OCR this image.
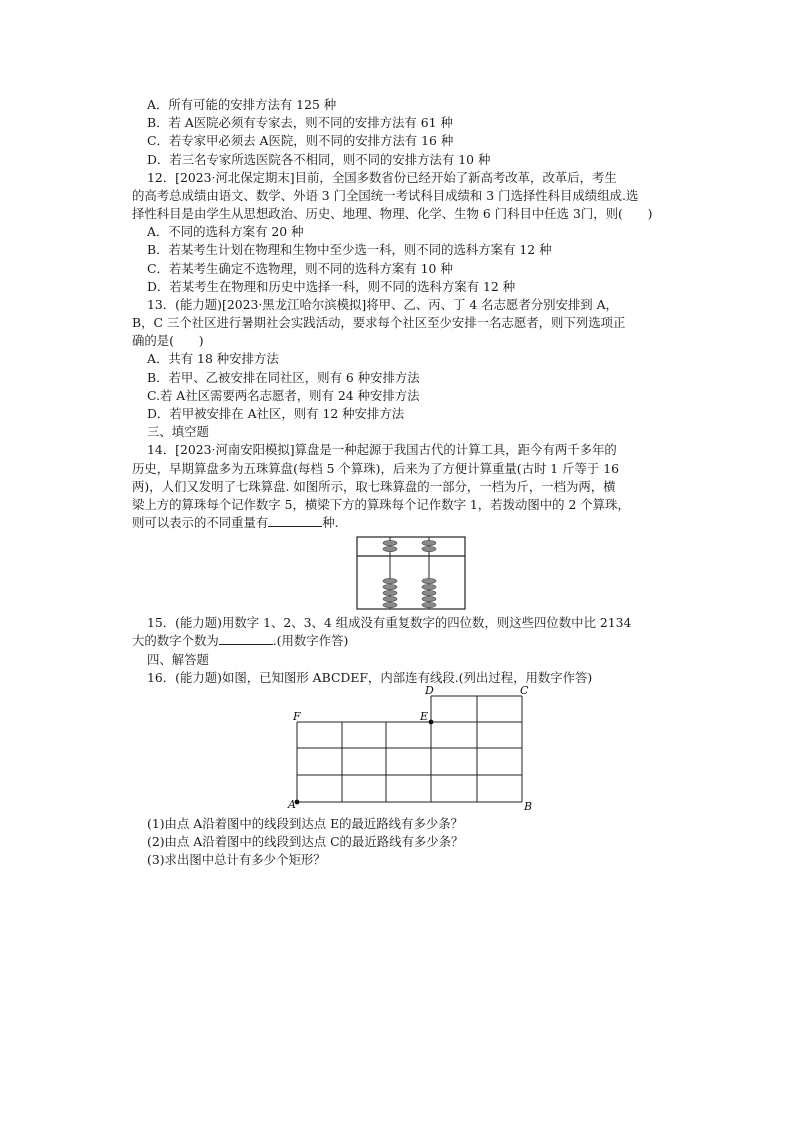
A．所有可能的安排方法有 125 种
B．若 A医院必须有专家去，则不同的安排方法有 61 种
C．若专家甲必须去 A医院，则不同的安排方法有 16 种
D．若三名专家所选医院各不相同，则不同的安排方法有 10 种
12．[2023·河北保定期末]目前，全国多数省份已经开始了新高考改革，改革后，考生
的高考总成绩由语文、数学、外语 3 门全国统一考试科目成绩和 3 门选择性科目成绩组成.选
择性科目是由学生从思想政治、历史、地理、物理、化学、生物 6 门科目中任选 3门，则(　　)
A．不同的选科方案有 20 种
B．若某考生计划在物理和生物中至少选一科，则不同的选科方案有 12 种
C．若某考生确定不选物理，则不同的选科方案有 10 种
D．若某考生在物理和历史中选择一科，则不同的选科方案有 12 种
13．(能力题)[2023·黑龙江哈尔滨模拟]将甲、乙、丙、丁 4 名志愿者分别安排到 A，
B，C 三个社区进行暑期社会实践活动，要求每个社区至少安排一名志愿者，则下列选项正
确的是(　　)
A．共有 18 种安排方法
B．若甲、乙被安排在同社区，则有 6 种安排方法
C.若 A社区需要两名志愿者，则有 24 种安排方法
D．若甲被安排在 A社区，则有 12 种安排方法
三、填空题
14．[2023·河南安阳模拟]算盘是一种起源于我国古代的计算工具，距今有两千多年的
历史，早期算盘多为五珠算盘(每档 5 个算珠)，后来为了方便计算重量(古时 1 斤等于 16
两)，人们又发明了七珠算盘. 如图所示，取七珠算盘的一部分，一档为斤，一档为两，横
梁上方的算珠每个记作数字 5，横梁下方的算珠每个记作数字 1，若拨动图中的 2 个算珠，
则可以表示的不同重量有	种.
15．(能力题)用数字 1、2、3、4 组成没有重复数字的四位数，则这些四位数中比 2134
大的数字个数为	.(用数字作答)
四、解答题
16．(能力题)如图，已知图形 ABCDEF，内部连有线段.(列出过程，用数字作答)
A	B
C
D
E
F
(1)由点 A沿着图中的线段到达点 E的最近路线有多少条？
(2)由点 A沿着图中的线段到达点 C的最近路线有多少条？
(3)求出图中总计有多少个矩形？
